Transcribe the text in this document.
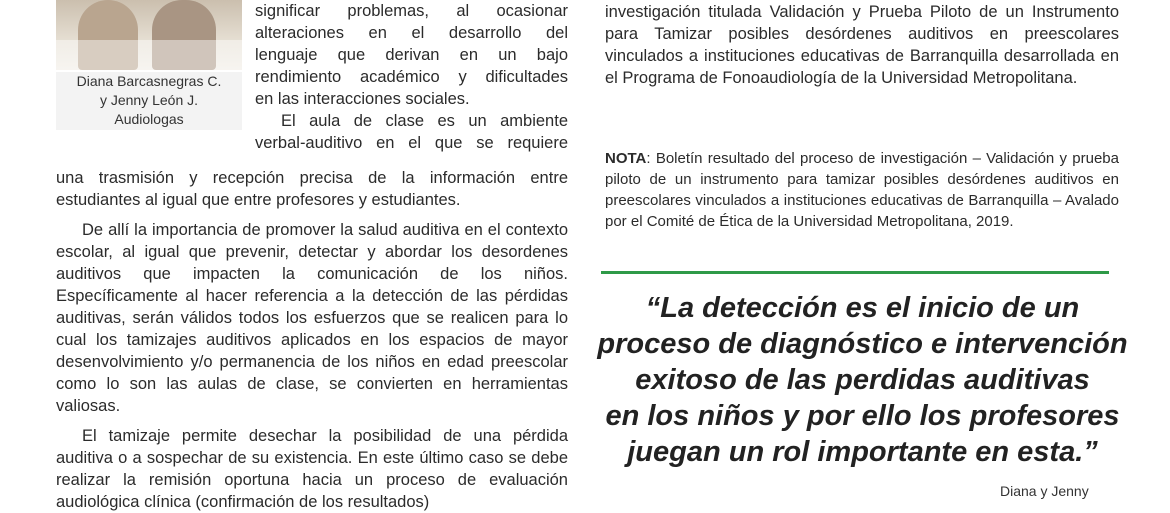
Diana Barcasnegras C.
y Jenny León J.
Audiologas

significar problemas, al ocasionar

alteraciones en el desarrollo del

lenguaje que derivan en un bajo

rendimiento académico y dificultades

en las interacciones sociales.

El aula de clase es un ambiente

verbal-auditivo en el que se requiere

una trasmisión y recepción precisa de la información entre estudiantes al igual que entre profesores y estudiantes.

De allí la importancia de promover la salud auditiva en el contexto escolar, al igual que prevenir, detectar y abordar los desordenes auditivos que impacten la comunicación de los niños. Específicamente al hacer referencia a la detección de las pérdidas auditivas, serán válidos todos los esfuerzos que se realicen para lo cual los tamizajes auditivos aplicados en los espacios de mayor desenvolvimiento y/o permanencia de los niños en edad preescolar como lo son las aulas de clase, se convierten en herramientas valiosas.

El tamizaje permite desechar la posibilidad de una pérdida auditiva o a sospechar de su existencia. En este último caso se debe realizar la remisión oportuna hacia un proceso de evaluación audiológica clínica (confirmación de los resultados)

investigación titulada Validación y Prueba Piloto de un Instrumento para Tamizar posibles desórdenes auditivos en preescolares vinculados a instituciones educativas de Barranquilla desarrollada en el Programa de Fonoaudiología de la Universidad Metropolitana.

NOTA: Boletín resultado del proceso de investigación – Validación y prueba piloto de un instrumento para tamizar posibles desórdenes auditivos en preescolares vinculados a instituciones educativas de Barranquilla – Avalado por el Comité de Ética de la Universidad Metropolitana, 2019.

“La detección es el inicio de un
proceso de diagnóstico e intervención
exitoso de las perdidas auditivas
en los niños y por ello los profesores
juegan un rol importante en esta.”
Diana y Jenny
